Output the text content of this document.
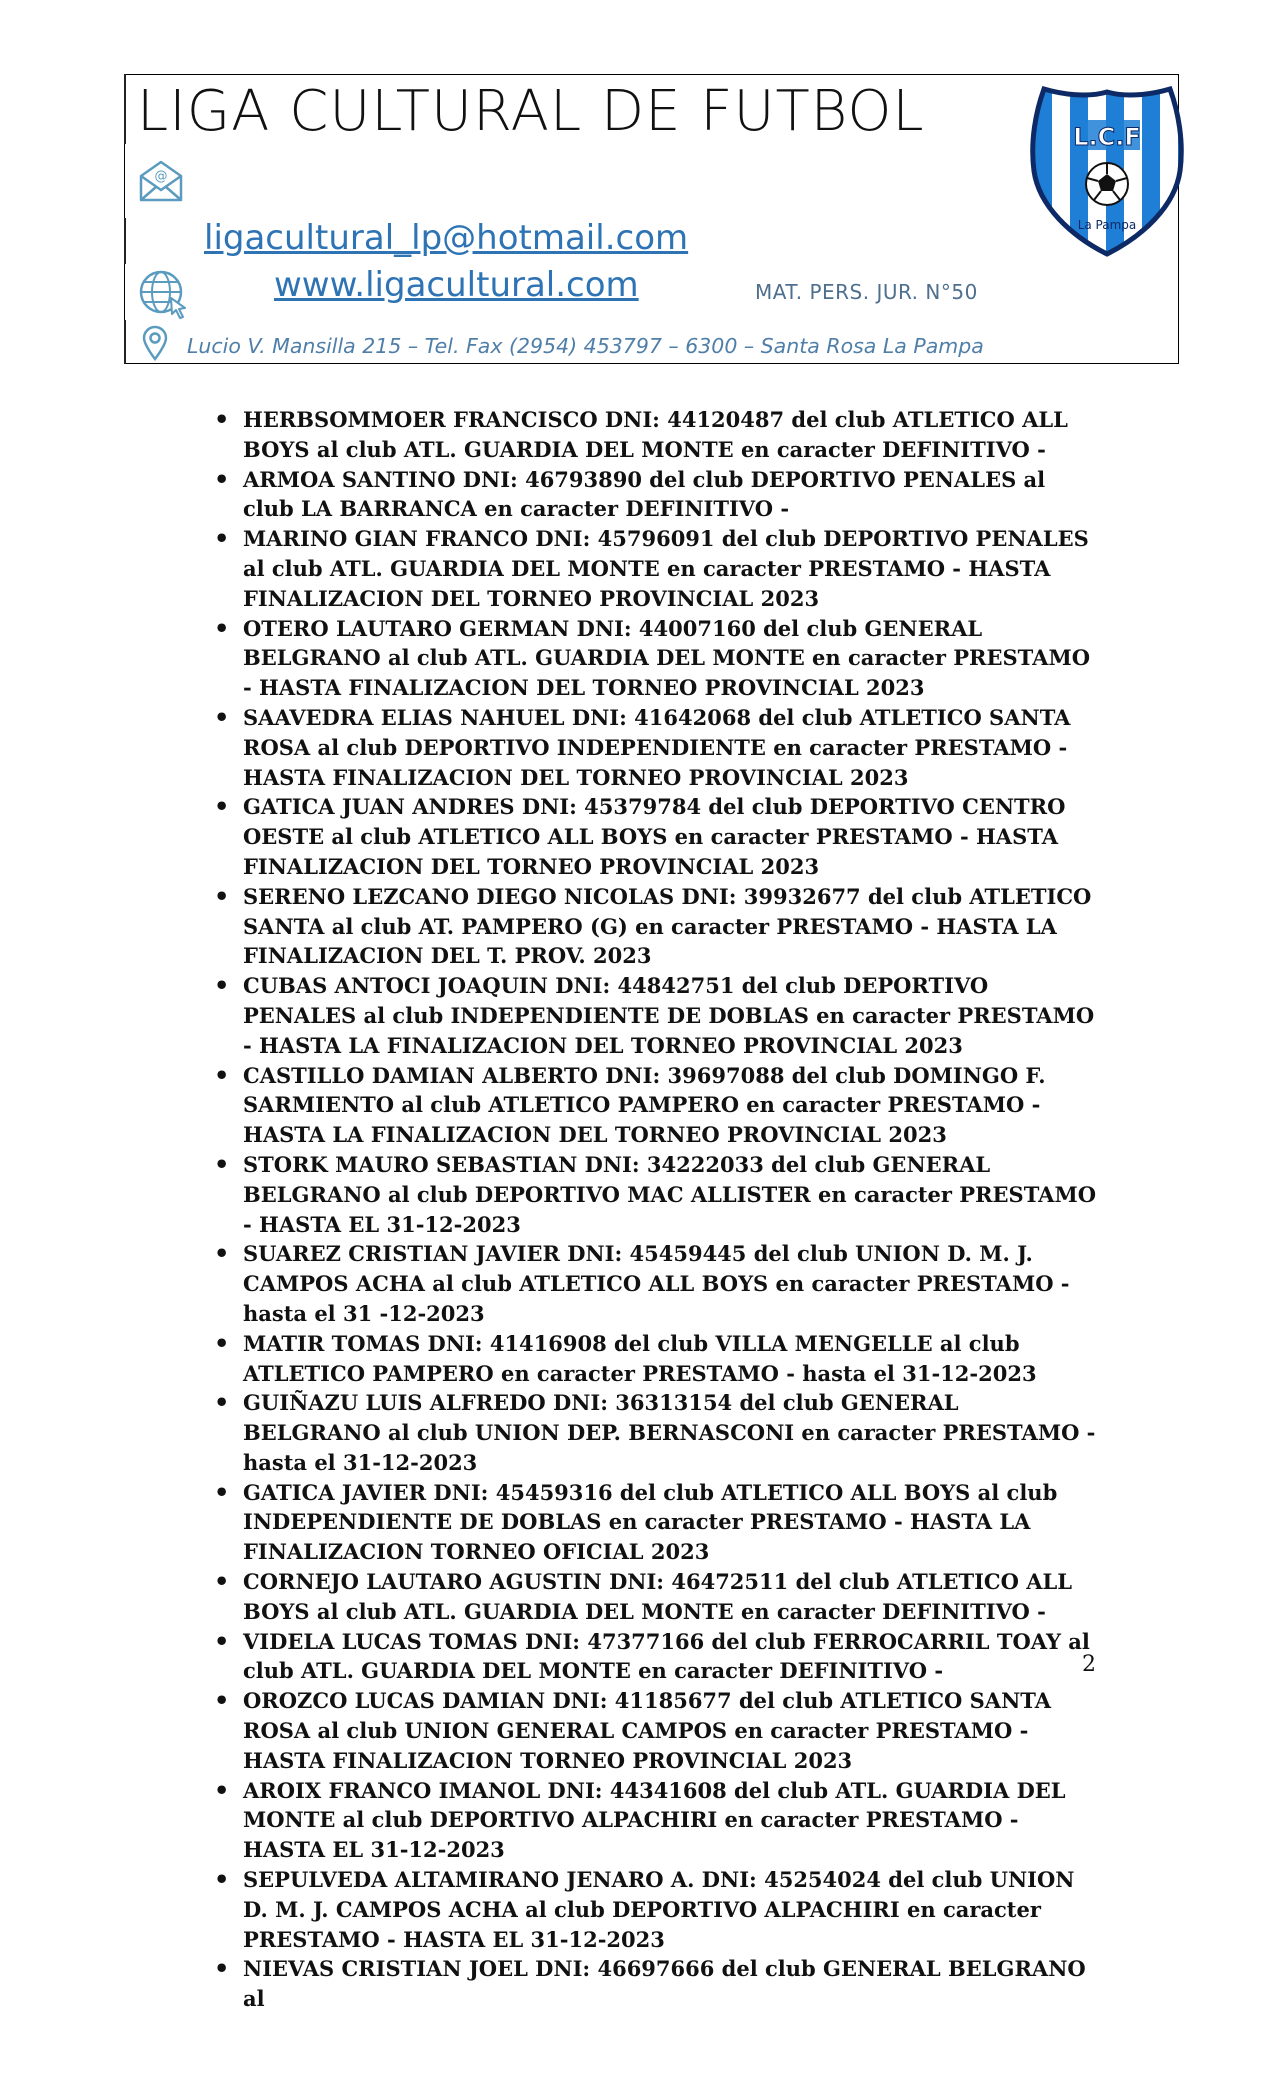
LIGA CULTURAL DE FUTBOL
@
ligacultural_lp@hotmail.com
www.ligacultural.com	MAT. PERS. JUR. N°50
Lucio V. Mansilla 215 – Tel. Fax (2954) 453797 – 6300 – Santa Rosa La Pampa
L.C.F
La Pampa
• HERBSOMMOER FRANCISCO DNI: 44120487 del club ATLETICO ALL BOYS al club ATL. GUARDIA DEL MONTE en caracter DEFINITIVO -
• ARMOA SANTINO DNI: 46793890 del club DEPORTIVO PENALES al club LA BARRANCA en caracter DEFINITIVO -
• MARINO GIAN FRANCO DNI: 45796091 del club DEPORTIVO PENALES al club ATL. GUARDIA DEL MONTE en caracter PRESTAMO - HASTA FINALIZACION DEL TORNEO PROVINCIAL 2023
• OTERO LAUTARO GERMAN DNI: 44007160 del club GENERAL BELGRANO al club ATL. GUARDIA DEL MONTE en caracter PRESTAMO - HASTA FINALIZACION DEL TORNEO PROVINCIAL 2023
• SAAVEDRA ELIAS NAHUEL DNI: 41642068 del club ATLETICO SANTA ROSA al club DEPORTIVO INDEPENDIENTE en caracter PRESTAMO - HASTA FINALIZACION DEL TORNEO PROVINCIAL 2023
• GATICA JUAN ANDRES DNI: 45379784 del club DEPORTIVO CENTRO OESTE al club ATLETICO ALL BOYS en caracter PRESTAMO - HASTA FINALIZACION DEL TORNEO PROVINCIAL 2023
• SERENO LEZCANO DIEGO NICOLAS DNI: 39932677 del club ATLETICO SANTA al club AT. PAMPERO (G) en caracter PRESTAMO - HASTA LA FINALIZACION DEL T. PROV. 2023
• CUBAS ANTOCI JOAQUIN DNI: 44842751 del club DEPORTIVO PENALES al club INDEPENDIENTE DE DOBLAS en caracter PRESTAMO - HASTA LA FINALIZACION DEL TORNEO PROVINCIAL 2023
• CASTILLO DAMIAN ALBERTO DNI: 39697088 del club DOMINGO F. SARMIENTO al club ATLETICO PAMPERO en caracter PRESTAMO - HASTA LA FINALIZACION DEL TORNEO PROVINCIAL 2023
• STORK MAURO SEBASTIAN DNI: 34222033 del club GENERAL BELGRANO al club DEPORTIVO MAC ALLISTER en caracter PRESTAMO - HASTA EL 31-12-2023
• SUAREZ CRISTIAN JAVIER DNI: 45459445 del club UNION D. M. J. CAMPOS ACHA al club ATLETICO ALL BOYS en caracter PRESTAMO - hasta el 31 -12-2023
• MATIR TOMAS DNI: 41416908 del club VILLA MENGELLE al club ATLETICO PAMPERO en caracter PRESTAMO - hasta el 31-12-2023
• GUIÑAZU LUIS ALFREDO DNI: 36313154 del club GENERAL BELGRANO al club UNION DEP. BERNASCONI en caracter PRESTAMO - hasta el 31-12-2023
• GATICA JAVIER DNI: 45459316 del club ATLETICO ALL BOYS al club INDEPENDIENTE DE DOBLAS en caracter PRESTAMO - HASTA LA FINALIZACION TORNEO OFICIAL 2023
• CORNEJO LAUTARO AGUSTIN DNI: 46472511 del club ATLETICO ALL BOYS al club ATL. GUARDIA DEL MONTE en caracter DEFINITIVO -
• VIDELA LUCAS TOMAS DNI: 47377166 del club FERROCARRIL TOAY al club ATL. GUARDIA DEL MONTE en caracter DEFINITIVO -
• OROZCO LUCAS DAMIAN DNI: 41185677 del club ATLETICO SANTA ROSA al club UNION GENERAL CAMPOS en caracter PRESTAMO - HASTA FINALIZACION TORNEO PROVINCIAL 2023
• AROIX FRANCO IMANOL DNI: 44341608 del club ATL. GUARDIA DEL MONTE al club DEPORTIVO ALPACHIRI en caracter PRESTAMO - HASTA EL 31-12-2023
• SEPULVEDA ALTAMIRANO JENARO A. DNI: 45254024 del club UNION D. M. J. CAMPOS ACHA al club DEPORTIVO ALPACHIRI en caracter PRESTAMO - HASTA EL 31-12-2023
• NIEVAS CRISTIAN JOEL DNI: 46697666 del club GENERAL BELGRANO al
2
